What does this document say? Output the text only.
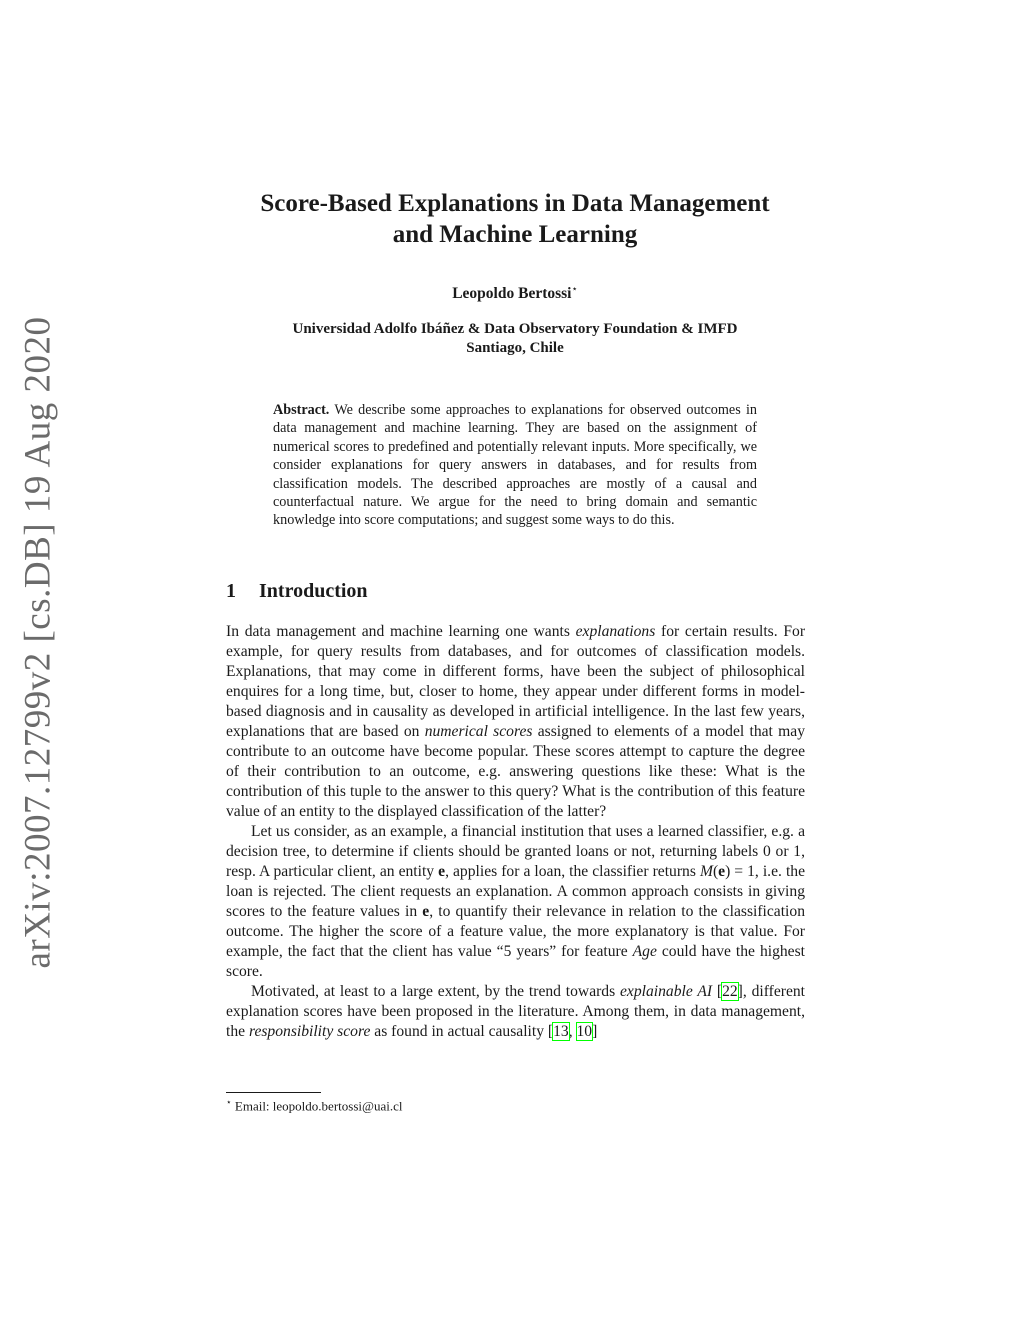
arXiv:2007.12799v2 [cs.DB] 19 Aug 2020
Score-Based Explanations in Data Management
and Machine Learning
Leopoldo Bertossi⋆
Universidad Adolfo Ibáñez & Data Observatory Foundation & IMFD
Santiago, Chile
Abstract. We describe some approaches to explanations for observed outcomes in data management and machine learning. They are based on the assignment of numerical scores to predefined and potentially relevant inputs. More specifically, we consider explanations for query answers in databases, and for results from classification models. The described approaches are mostly of a causal and counterfactual nature. We argue for the need to bring domain and semantic knowledge into score computations; and suggest some ways to do this.
1 Introduction

In data management and machine learning one wants explanations for certain results. For example, for query results from databases, and for outcomes of classification models. Explanations, that may come in different forms, have been the subject of philosophical enquires for a long time, but, closer to home, they appear under different forms in model-based diagnosis and in causality as developed in artificial intelligence. In the last few years, explanations that are based on numerical scores assigned to elements of a model that may contribute to an outcome have become popular. These scores attempt to capture the degree of their contribution to an outcome, e.g. answering questions like these: What is the contribution of this tuple to the answer to this query? What is the contribution of this feature value of an entity to the displayed classification of the latter?

Let us consider, as an example, a financial institution that uses a learned classifier, e.g. a decision tree, to determine if clients should be granted loans or not, returning labels 0 or 1, resp. A particular client, an entity e, applies for a loan, the classifier returns M(e) = 1, i.e. the loan is rejected. The client requests an explanation. A common approach consists in giving scores to the feature values in e, to quantify their relevance in relation to the classification outcome. The higher the score of a feature value, the more explanatory is that value. For example, the fact that the client has value “5 years” for feature Age could have the highest score.

Motivated, at least to a large extent, by the trend towards explainable AI [22], different explanation scores have been proposed in the literature. Among them, in data management, the responsibility score as found in actual causality [13, 10]

⋆ Email: leopoldo.bertossi@uai.cl
